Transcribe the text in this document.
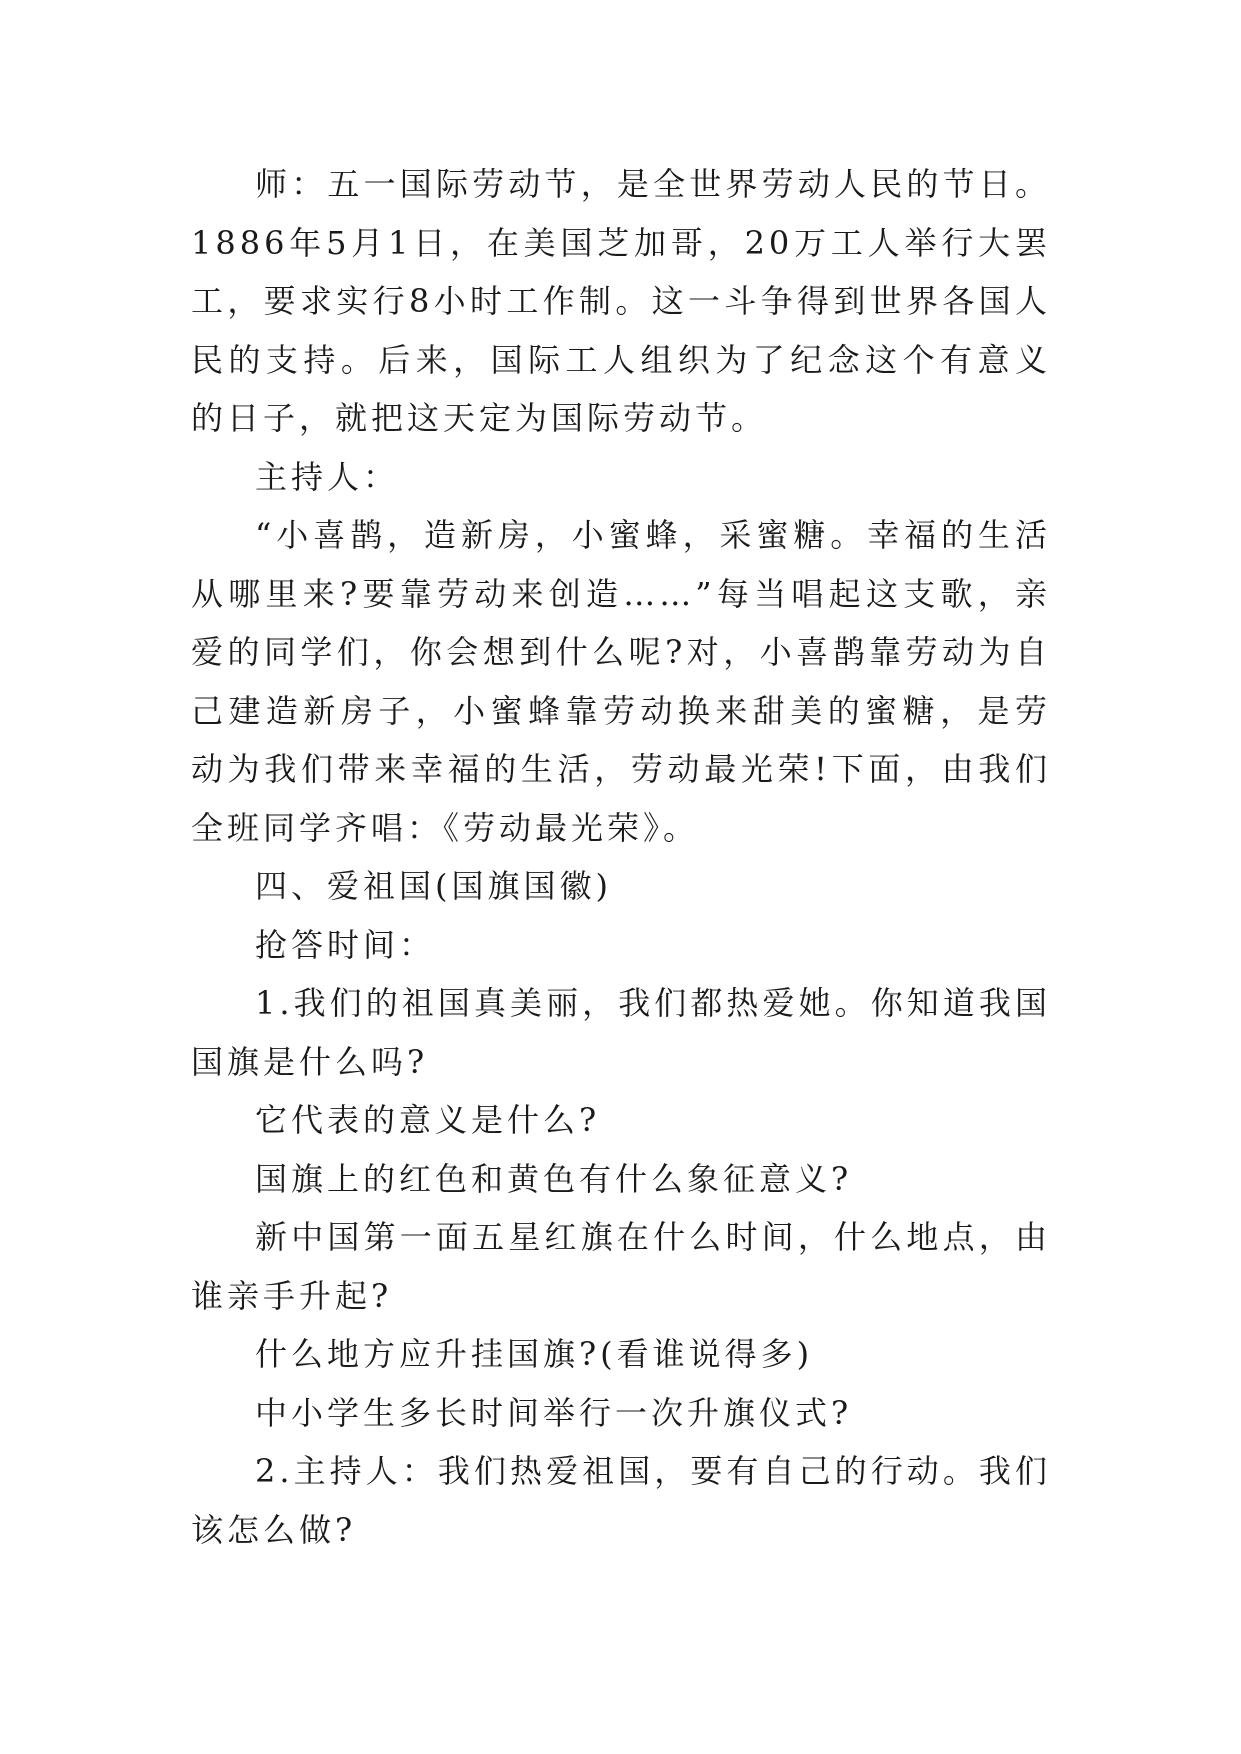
师：五一国际劳动节，是全世界劳动人民的节日。1886年5月1日，在美国芝加哥，20万工人举行大罢工，要求实行8小时工作制。这一斗争得到世界各国人民的支持。后来，国际工人组织为了纪念这个有意义的日子，就把这天定为国际劳动节。

主持人：

“小喜鹊，造新房，小蜜蜂，采蜜糖。幸福的生活从哪里来?要靠劳动来创造……”每当唱起这支歌，亲爱的同学们，你会想到什么呢?对，小喜鹊靠劳动为自己建造新房子，小蜜蜂靠劳动换来甜美的蜜糖，是劳动为我们带来幸福的生活，劳动最光荣!下面，由我们全班同学齐唱：《劳动最光荣》。

四、爱祖国(国旗国徽)

抢答时间：

1.我们的祖国真美丽，我们都热爱她。你知道我国国旗是什么吗?

它代表的意义是什么?

国旗上的红色和黄色有什么象征意义?

新中国第一面五星红旗在什么时间，什么地点，由谁亲手升起?

什么地方应升挂国旗?(看谁说得多)

中小学生多长时间举行一次升旗仪式?

2.主持人：我们热爱祖国，要有自己的行动。我们该怎么做?
